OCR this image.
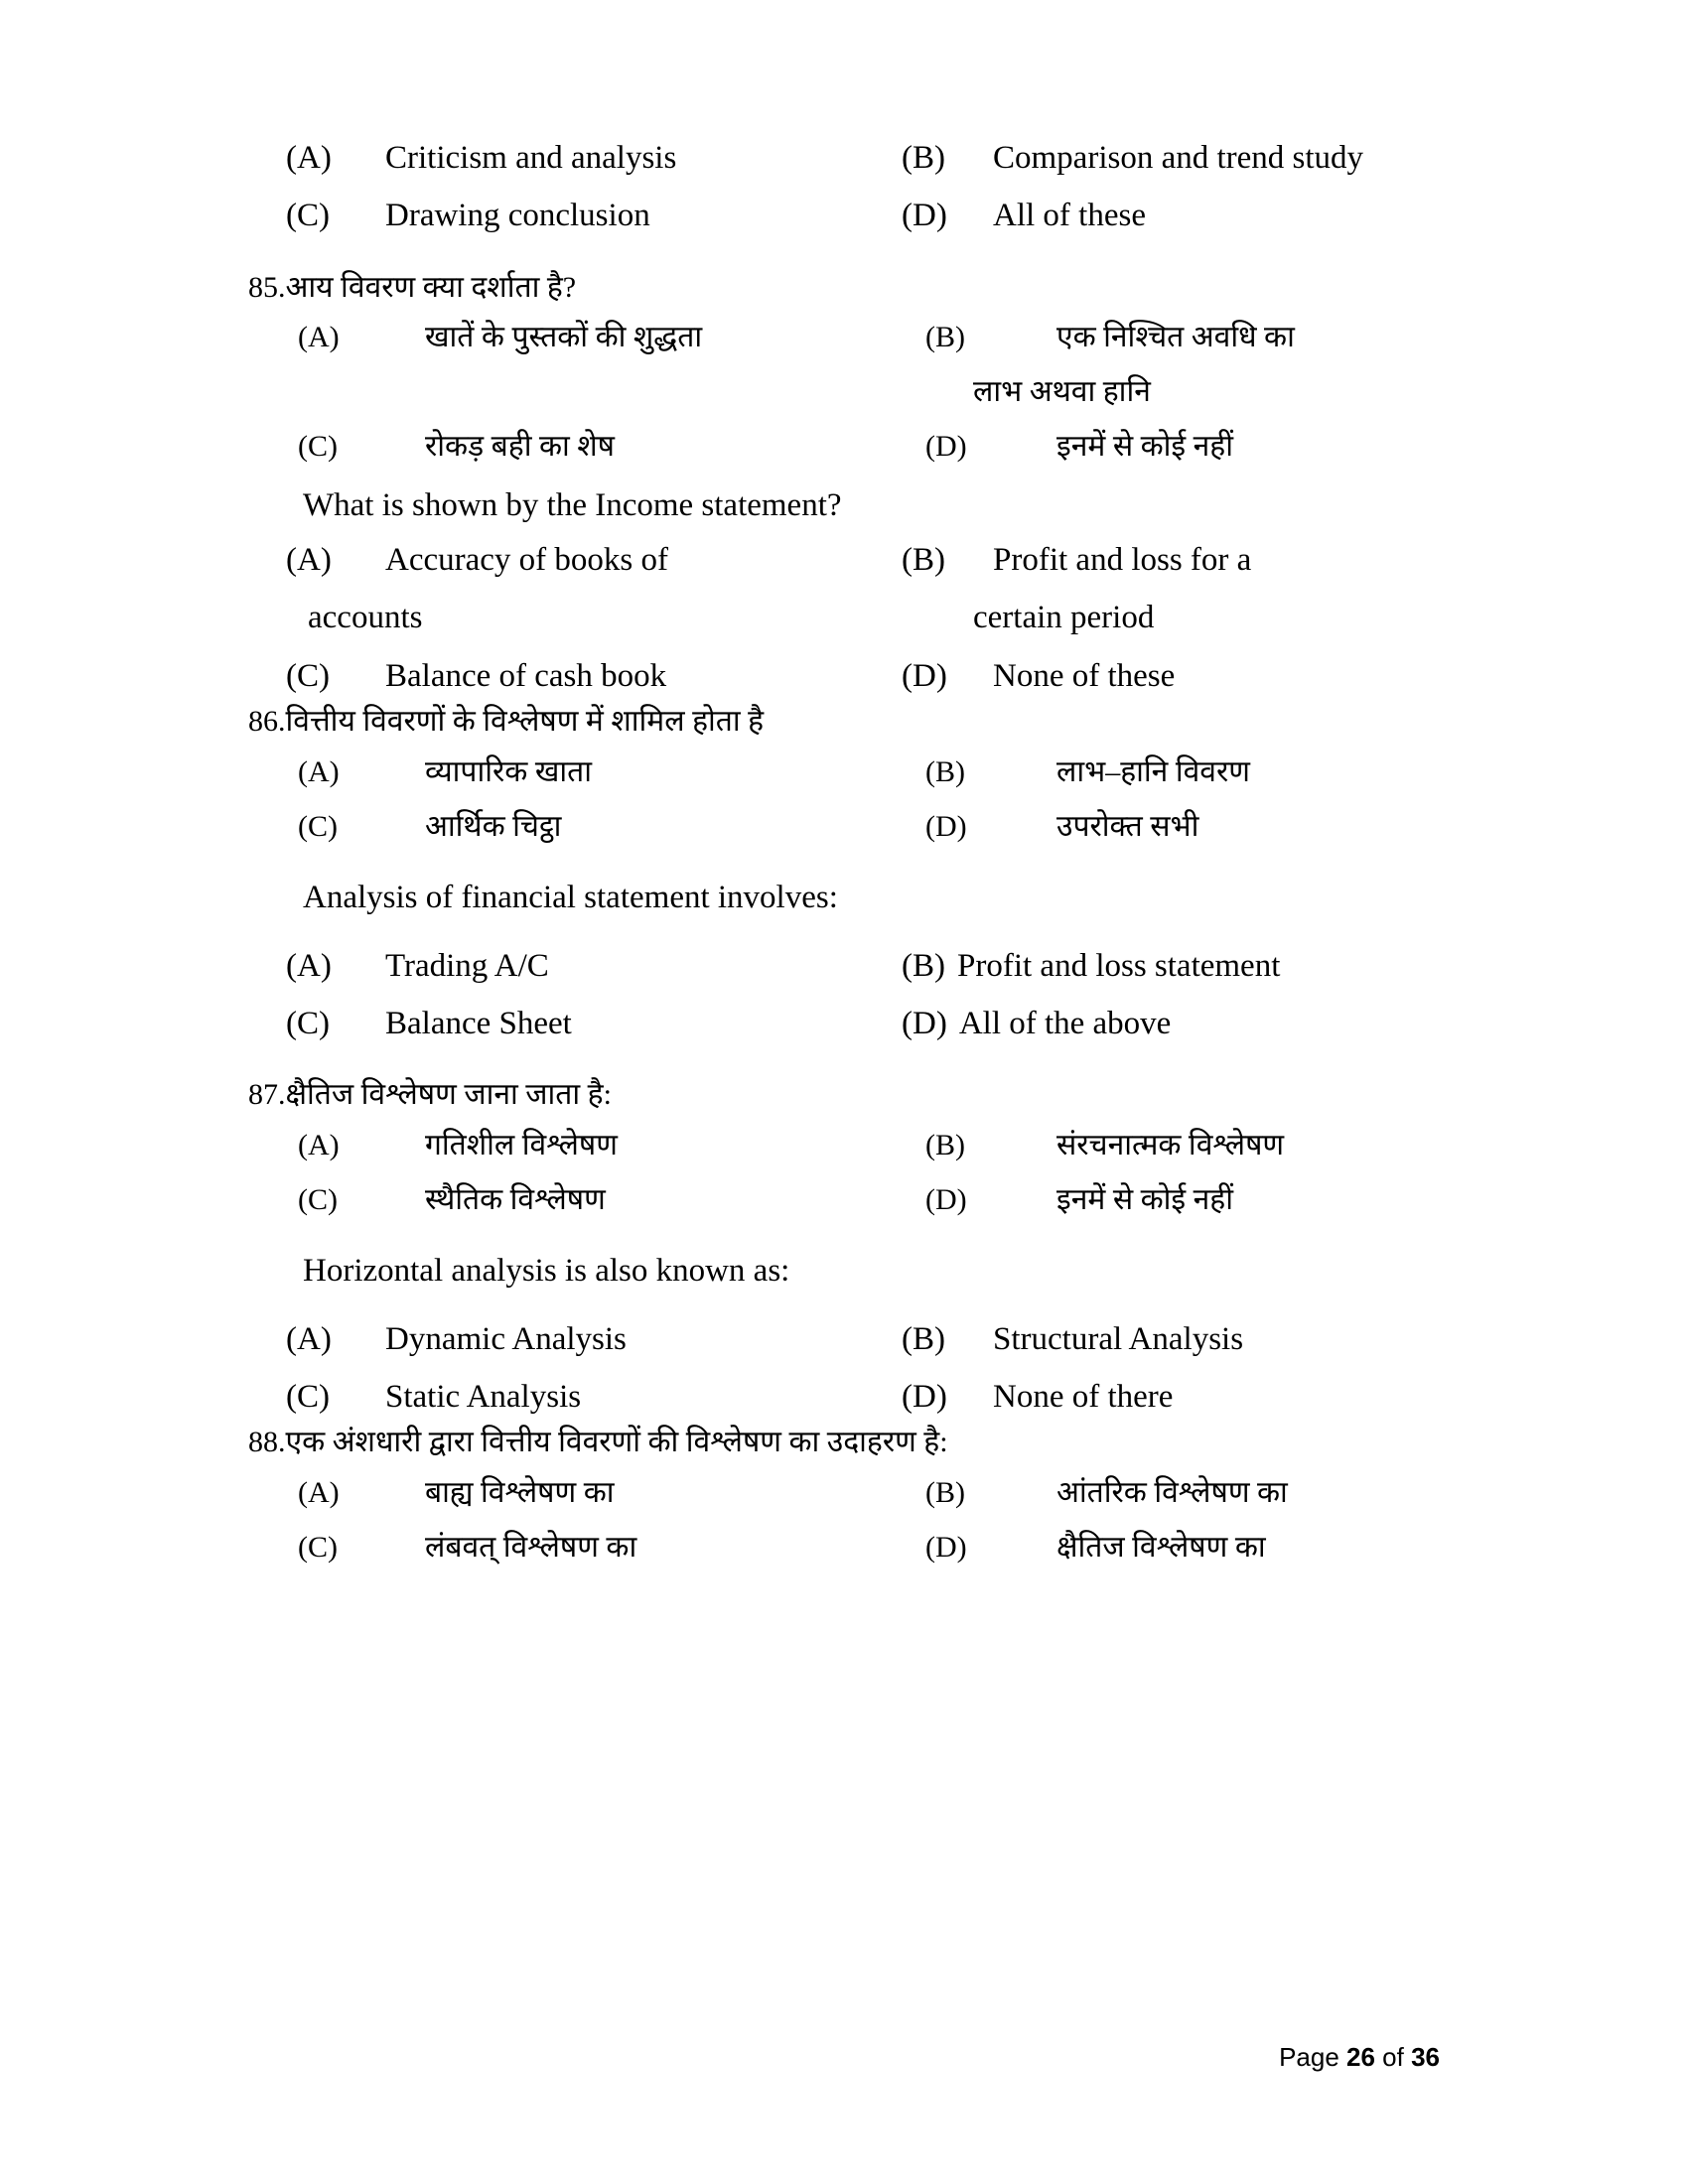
(A) Criticism and analysis	(B) Comparison and trend study

(C) Drawing conclusion	(D) All of these
85. आय विवरण क्या दर्शाता है?
(A)	खातें के पुस्तकों की शुद्धता	(B)	एक निश्चित अवधि का
लाभ अथवा हानि

(C) रोकड़ बही का शेष	(D) इनमें से कोई नहीं
What is shown by the Income statement?
(A)	Accuracy of books of
accounts

(B)	Profit and loss for a
certain period

(C) Balance of cash book	(D) None of these
86. वित्तीय विवरणों के विश्लेषण में शामिल होता है
(A) व्यापारिक खाता	(B) लाभ–हानि विवरण

(C) आर्थिक चिट्ठा	(D) उपरोक्त सभी
Analysis of financial statement involves:
(A) Trading A/C	(B) Profit and loss statement

(C) Balance Sheet	(D) All of the above
87. क्षैतिज विश्लेषण जाना जाता है:
(A) गतिशील विश्लेषण	(B) संरचनात्मक विश्लेषण

(C) स्थैतिक विश्लेषण	(D) इनमें से कोई नहीं
Horizontal analysis is also known as:
(A) Dynamic Analysis	(B) Structural Analysis

(C) Static Analysis	(D) None of there
88. एक अंशधारी द्वारा वित्तीय विवरणों की विश्लेषण का उदाहरण है:
(A) बाह्य विश्लेषण का	(B) आंतरिक विश्लेषण का

(C) लंबवत् विश्लेषण का	(D) क्षैतिज विश्लेषण का
Page 26 of 36
